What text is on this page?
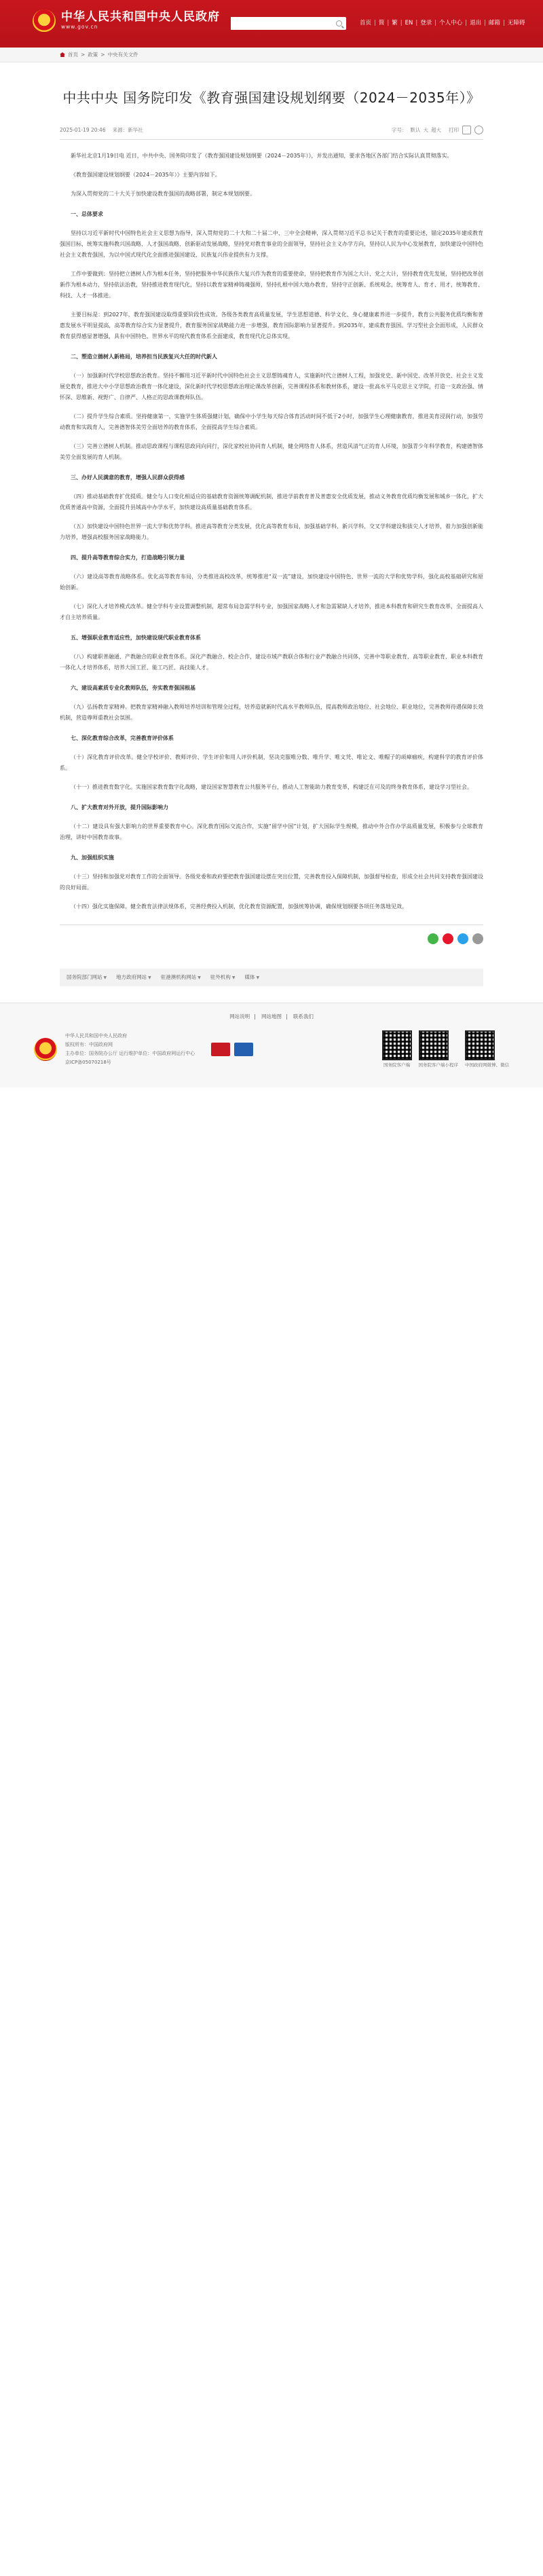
中华人民共和国中央人民政府
www.gov.cn
首页 | 简 | 繁 | EN | 登录 | 个人中心 | 退出 | 邮箱 | 无障碍
首页 > 政策 > 中央有关文件
中共中央 国务院印发《教育强国建设规划纲要（2024－2035年）》
2025-01-19 20:46 来源：新华社	字号： 默认 大 超大 打印

新华社北京1月19日电 近日，中共中央、国务院印发了《教育强国建设规划纲要（2024－2035年）》，并发出通知，要求各地区各部门结合实际认真贯彻落实。

《教育强国建设规划纲要（2024－2035年）》主要内容如下。

为深入贯彻党的二十大关于加快建设教育强国的战略部署，制定本规划纲要。

一、总体要求

坚持以习近平新时代中国特色社会主义思想为指导，深入贯彻党的二十大和二十届二中、三中全会精神，深入贯彻习近平总书记关于教育的重要论述，锚定2035年建成教育强国目标，统筹实施科教兴国战略、人才强国战略、创新驱动发展战略，坚持党对教育事业的全面领导，坚持社会主义办学方向，坚持以人民为中心发展教育，加快建设中国特色社会主义教育强国，为以中国式现代化全面推进强国建设、民族复兴伟业提供有力支撑。

工作中要做到：坚持把立德树人作为根本任务，坚持把服务中华民族伟大复兴作为教育的重要使命，坚持把教育作为国之大计、党之大计，坚持教育优先发展，坚持把改革创新作为根本动力，坚持依法治教，坚持推进教育现代化，坚持以教育家精神铸魂强师，坚持扎根中国大地办教育，坚持守正创新、系统观念，统筹育人、育才、用才，统筹教育、科技、人才一体推进。

主要目标是：到2027年，教育强国建设取得重要阶段性成效。各级各类教育高质量发展，学生思想道德、科学文化、身心健康素养进一步提升，教育公共服务优质均衡和普惠发展水平明显提高，高等教育综合实力显著提升，教育服务国家战略能力进一步增强，教育国际影响力显著提升。到2035年，建成教育强国。学习型社会全面形成，人民群众教育获得感显著增强，具有中国特色、世界水平的现代教育体系全面建成，教育现代化总体实现。

二、塑造立德树人新格局，培养担当民族复兴大任的时代新人

（一）加强新时代学校思想政治教育。坚持不懈用习近平新时代中国特色社会主义思想铸魂育人，实施新时代立德树人工程，加强党史、新中国史、改革开放史、社会主义发展史教育，推进大中小学思想政治教育一体化建设，深化新时代学校思想政治理论课改革创新，完善课程体系和教材体系，建设一批高水平马克思主义学院，打造一支政治强、情怀深、思维新、视野广、自律严、人格正的思政课教师队伍。

（二）提升学生综合素质。坚持健康第一，实施学生体质强健计划，确保中小学生每天综合体育活动时间不低于2小时，加强学生心理健康教育，推进美育浸润行动，加强劳动教育和实践育人，完善德智体美劳全面培养的教育体系，全面提高学生综合素质。

（三）完善立德树人机制。推动思政课程与课程思政同向同行，深化家校社协同育人机制，健全网络育人体系，营造风清气正的育人环境，加强青少年科学教育，构建德智体美劳全面发展的育人机制。

三、办好人民满意的教育，增强人民群众获得感

（四）推动基础教育扩优提质。健全与人口变化相适应的基础教育资源统筹调配机制，推进学前教育普及普惠安全优质发展，推动义务教育优质均衡发展和城乡一体化，扩大优质普通高中资源，全面提升县域高中办学水平，加快建设高质量基础教育体系。

（五）加快建设中国特色世界一流大学和优势学科。推进高等教育分类发展，优化高等教育布局，加强基础学科、新兴学科、交叉学科建设和拔尖人才培养，着力加强创新能力培养，增强高校服务国家战略能力。

四、提升高等教育综合实力，打造战略引领力量

（六）建设高等教育战略体系。优化高等教育布局，分类推进高校改革，统筹推进“双一流”建设，加快建设中国特色、世界一流的大学和优势学科，强化高校基础研究和原始创新。

（七）深化人才培养模式改革。健全学科专业设置调整机制，超常布局急需学科专业，加强国家战略人才和急需紧缺人才培养，推进本科教育和研究生教育改革，全面提高人才自主培养质量。

五、增强职业教育适应性，加快建设现代职业教育体系

（八）构建职普融通、产教融合的职业教育体系。深化产教融合、校企合作，建设市域产教联合体和行业产教融合共同体，完善中等职业教育、高等职业教育、职业本科教育一体化人才培养体系，培养大国工匠、能工巧匠、高技能人才。

六、建设高素质专业化教师队伍，夯实教育强国根基

（九）弘扬教育家精神。把教育家精神融入教师培养培训和管理全过程，培养造就新时代高水平教师队伍，提高教师政治地位、社会地位、职业地位，完善教师待遇保障长效机制，营造尊师重教社会氛围。

七、深化教育综合改革，完善教育评价体系

（十）深化教育评价改革。健全学校评价、教师评价、学生评价和用人评价机制，坚决克服唯分数、唯升学、唯文凭、唯论文、唯帽子的顽瘴痼疾，构建科学的教育评价体系。

（十一）推进教育数字化。实施国家教育数字化战略，建设国家智慧教育公共服务平台，推动人工智能助力教育变革，构建泛在可及的终身教育体系，建设学习型社会。

八、扩大教育对外开放，提升国际影响力

（十二）建设具有强大影响力的世界重要教育中心。深化教育国际交流合作，实施“留学中国”计划，扩大国际学生规模，推动中外合作办学高质量发展，积极参与全球教育治理，讲好中国教育故事。

九、加强组织实施

（十三）坚持和加强党对教育工作的全面领导。各级党委和政府要把教育强国建设摆在突出位置，完善教育投入保障机制，加强督导检查，形成全社会共同支持教育强国建设的良好局面。

（十四）强化实施保障。健全教育法律法规体系，完善经费投入机制，优化教育资源配置，加强统筹协调，确保规划纲要各项任务落地见效。

国务院部门网站 ▼ 地方政府网站 ▼ 驻港澳机构网站 ▼ 驻外机构 ▼ 媒体 ▼
网站说明 | 网站地图 | 联系我们
中华人民共和国中央人民政府
版权所有：中国政府网
主办单位：国务院办公厅 运行维护单位：中国政府网运行中心
京ICP备05070218号	国务院客户端	国务院客户端小程序 中国政府网微博、微信
